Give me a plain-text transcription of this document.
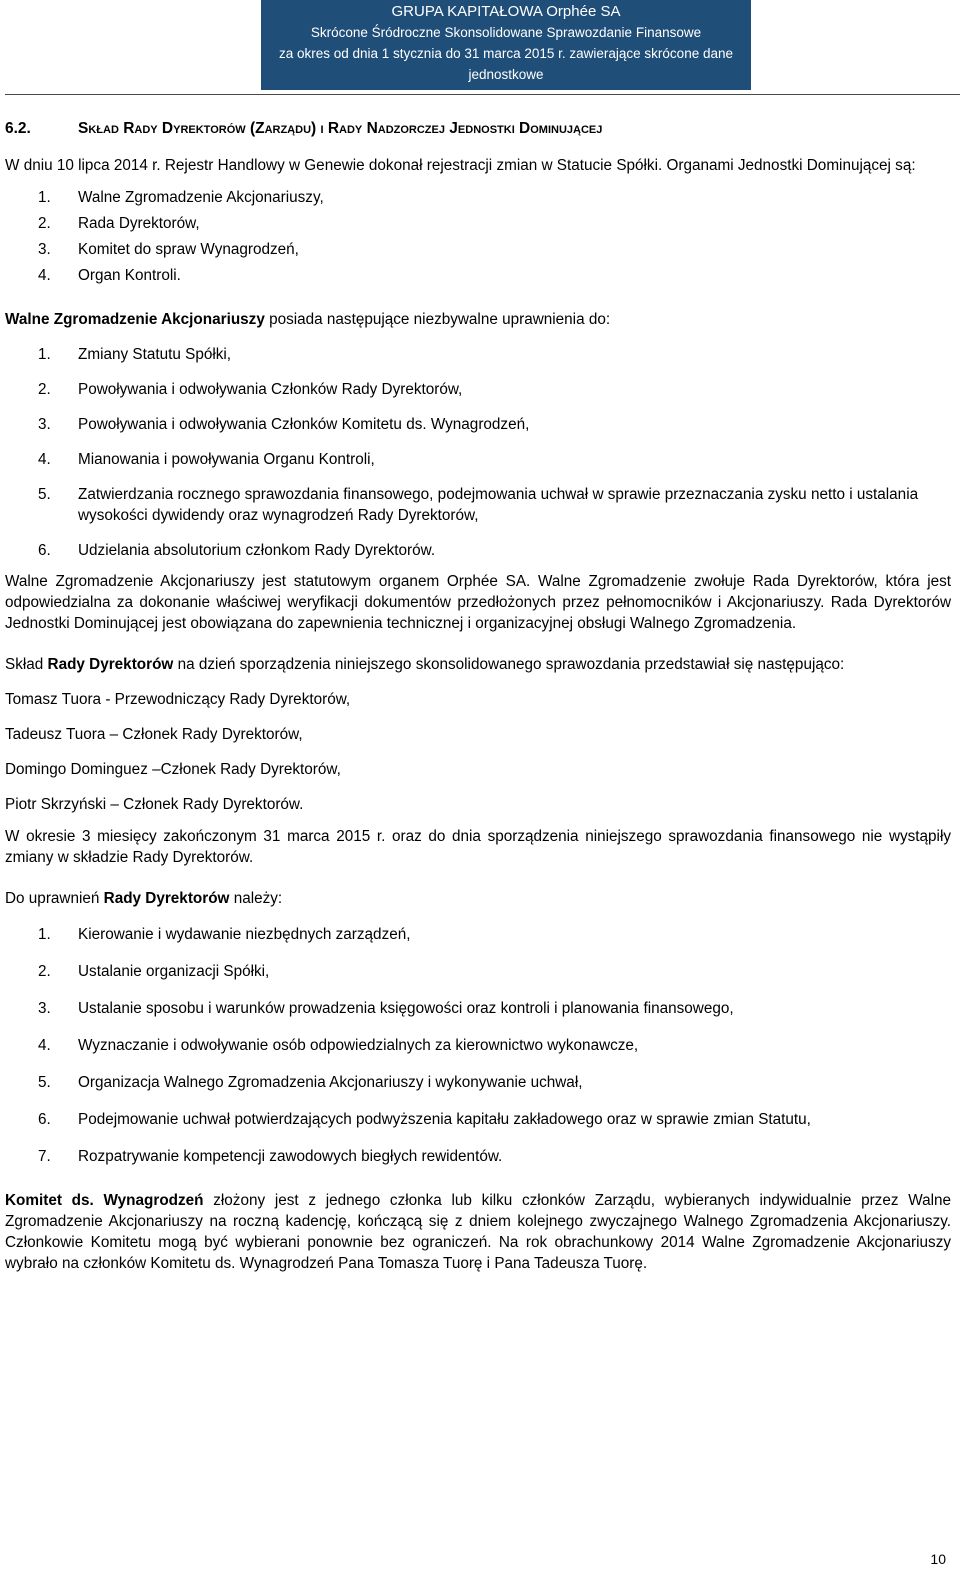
GRUPA KAPITAŁOWA Orphée SA
Skrócone Śródroczne Skonsolidowane Sprawozdanie Finansowe
za okres od dnia 1 stycznia do 31 marca 2015 r. zawierające skrócone dane jednostkowe
(w tysiącach CHF)
6.2.	Skład Rady Dyrektorów (Zarządu) i Rady Nadzorczej Jednostki Dominującej

W dniu 10 lipca 2014 r. Rejestr Handlowy w Genewie dokonał rejestracji zmian w Statucie Spółki. Organami Jednostki Dominującej są:

1. Walne Zgromadzenie Akcjonariuszy,
2. Rada Dyrektorów,
3. Komitet do spraw Wynagrodzeń,
4. Organ Kontroli.

Walne Zgromadzenie Akcjonariuszy posiada następujące niezbywalne uprawnienia do:

1. Zmiany Statutu Spółki,
2. Powoływania i odwoływania Członków Rady Dyrektorów,
3. Powoływania i odwoływania Członków Komitetu ds. Wynagrodzeń,
4. Mianowania i powoływania Organu Kontroli,
5. Zatwierdzania rocznego sprawozdania finansowego, podejmowania uchwał w sprawie przeznaczania zysku netto i ustalania wysokości dywidendy oraz wynagrodzeń Rady Dyrektorów,
6. Udzielania absolutorium członkom Rady Dyrektorów.

Walne Zgromadzenie Akcjonariuszy jest statutowym organem Orphée SA. Walne Zgromadzenie zwołuje Rada Dyrektorów, która jest odpowiedzialna za dokonanie właściwej weryfikacji dokumentów przedłożonych przez pełnomocników i Akcjonariuszy. Rada Dyrektorów Jednostki Dominującej jest obowiązana do zapewnienia technicznej i organizacyjnej obsługi Walnego Zgromadzenia.

Skład Rady Dyrektorów na dzień sporządzenia niniejszego skonsolidowanego sprawozdania przedstawiał się następująco:

Tomasz Tuora - Przewodniczący Rady Dyrektorów,

Tadeusz Tuora – Członek Rady Dyrektorów,

Domingo Dominguez –Członek Rady Dyrektorów,

Piotr Skrzyński – Członek Rady Dyrektorów.

W okresie 3 miesięcy zakończonym 31 marca 2015 r. oraz do dnia sporządzenia niniejszego sprawozdania finansowego nie wystąpiły zmiany w składzie Rady Dyrektorów.

Do uprawnień Rady Dyrektorów należy:

1. Kierowanie i wydawanie niezbędnych zarządzeń,
2. Ustalanie organizacji Spółki,
3. Ustalanie sposobu i warunków prowadzenia księgowości oraz kontroli i planowania finansowego,
4. Wyznaczanie i odwoływanie osób odpowiedzialnych za kierownictwo wykonawcze,
5. Organizacja Walnego Zgromadzenia Akcjonariuszy i wykonywanie uchwał,
6. Podejmowanie uchwał potwierdzających podwyższenia kapitału zakładowego oraz w sprawie zmian Statutu,
7. Rozpatrywanie kompetencji zawodowych biegłych rewidentów.

Komitet ds. Wynagrodzeń złożony jest z jednego członka lub kilku członków Zarządu, wybieranych indywidualnie przez Walne Zgromadzenie Akcjonariuszy na roczną kadencję, kończącą się z dniem kolejnego zwyczajnego Walnego Zgromadzenia Akcjonariuszy. Członkowie Komitetu mogą być wybierani ponownie bez ograniczeń. Na rok obrachunkowy 2014 Walne Zgromadzenie Akcjonariuszy wybrało na członków Komitetu ds. Wynagrodzeń Pana Tomasza Tuorę i Pana Tadeusza Tuorę.

10
